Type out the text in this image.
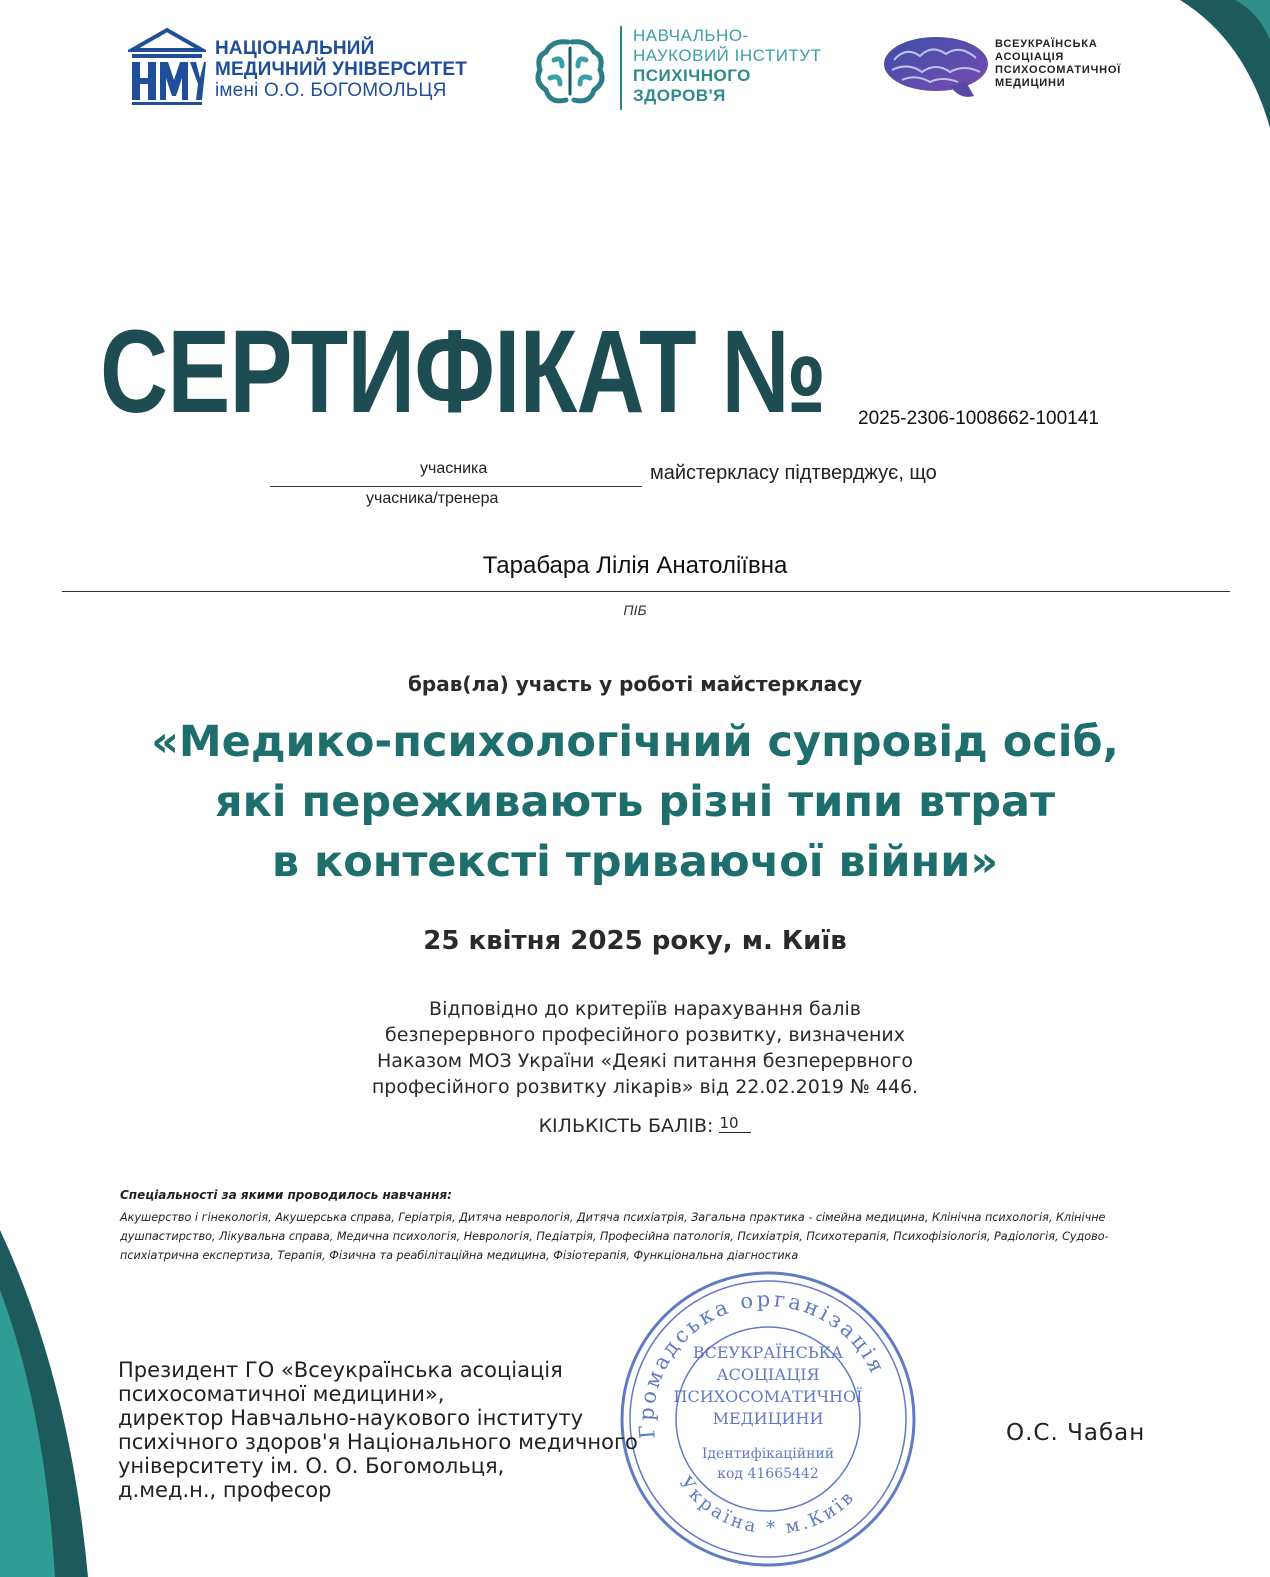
НАЦІОНАЛЬНИЙ
МЕДИЧНИЙ УНІВЕРСИТЕТ
імені О.О. БОГОМОЛЬЦЯ
НАВЧАЛЬНО-
НАУКОВИЙ ІНСТИТУТ
ПСИХІЧНОГО
ЗДОРОВ'Я
ВСЕУКРАЇНСЬКА
АСОЦІАЦІЯ
ПСИХОСОМАТИЧНОЇ
МЕДИЦИНИ
СЕРТИФІКАТ № 2025-2306-1008662-100141
учасника
учасника/тренера
майстеркласу підтверджує, що
Тарабара Лілія Анатоліївна
ПІБ
брав(ла) участь у роботі майстеркласу
«Медико-психологічний супровід осіб,
які переживають різні типи втрат
в контексті триваючої війни»
25 квітня 2025 року, м. Київ
Відповідно до критеріїв нарахування балів
безперервного професійного розвитку, визначених
Наказом МОЗ України «Деякі питання безперервного
професійного розвитку лікарів» від 22.02.2019 № 446.
КІЛЬКІСТЬ БАЛІВ: 10
Спеціальності за якими проводилось навчання:
Акушерство і гінекологія, Акушерська справа, Геріатрія, Дитяча неврологія, Дитяча психіатрія, Загальна практика - сімейна медицина, Клінічна психологія, Клінічне душпастирство, Лікувальна справа, Медична психологія, Неврологія, Педіатрія, Професійна патологія, Психіатрія, Психотерапія, Психофізіологія, Радіологія, Судово-психіатрична експертиза, Терапія, Фізична та реабілітаційна медицина, Фізіотерапія, Функціональна діагностика
Громадська організація
Україна * м.Київ
ВСЕУКРАЇНСЬКА
АСОЦІАЦІЯ
ПСИХОСОМАТИЧНОЇ
МЕДИЦИНИ
Ідентифікаційний
код 41665442
Президент ГО «Всеукраїнська асоціація
психосоматичної медицини»,
директор Навчально-наукового інституту
психічного здоров'я Національного медичного
університету ім. О. О. Богомольця,
д.мед.н., професор
О.С. Чабан
